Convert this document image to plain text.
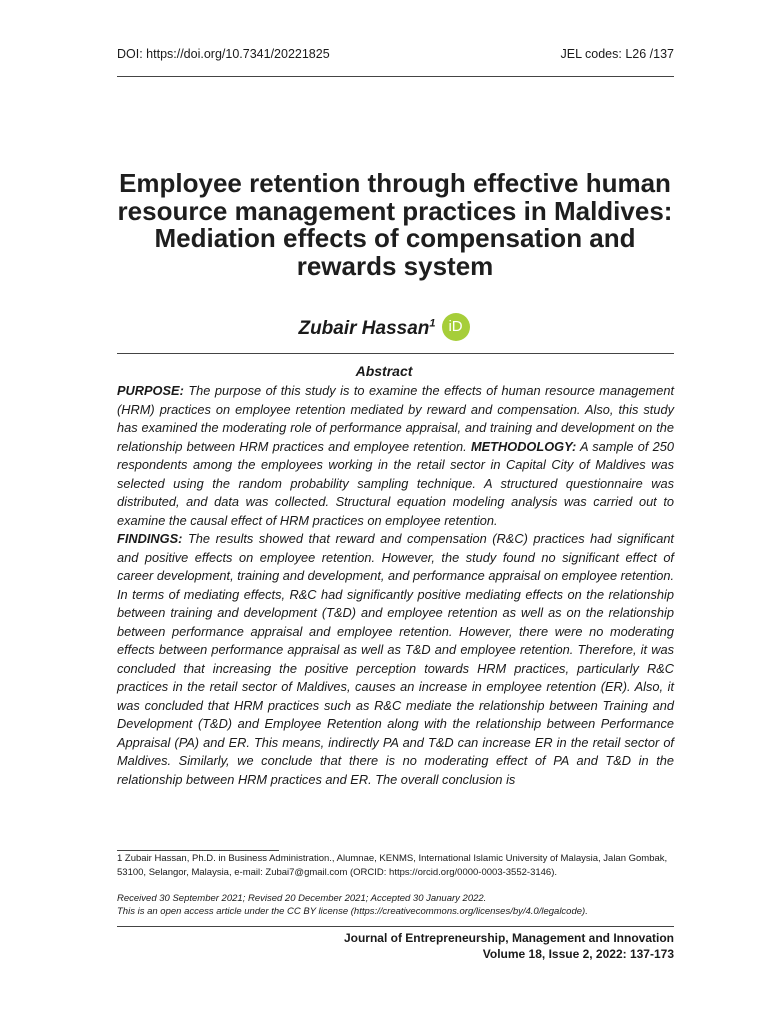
DOI: https://doi.org/10.7341/20221825	JEL codes: L26 /137
Employee retention through effective human resource management practices in Maldives: Mediation effects of compensation and rewards system
Zubair Hassan$^1$ iD
Abstract

PURPOSE: The purpose of this study is to examine the effects of human resource management (HRM) practices on employee retention mediated by reward and compensation. Also, this study has examined the moderating role of performance appraisal, and training and development on the relationship between HRM practices and employee retention. METHODOLOGY: A sample of 250 respondents among the employees working in the retail sector in Capital City of Maldives was selected using the random probability sampling technique. A structured questionnaire was distributed, and data was collected. Structural equation modeling analysis was carried out to examine the causal effect of HRM practices on employee retention.
FINDINGS: The results showed that reward and compensation (R&C) practices had significant and positive effects on employee retention. However, the study found no significant effect of career development, training and development, and performance appraisal on employee retention. In terms of mediating effects, R&C had significantly positive mediating effects on the relationship between training and development (T&D) and employee retention as well as on the relationship between performance appraisal and employee retention. However, there were no moderating effects between performance appraisal as well as T&D and employee retention. Therefore, it was concluded that increasing the positive perception towards HRM practices, particularly R&C practices in the retail sector of Maldives, causes an increase in employee retention (ER). Also, it was concluded that HRM practices such as R&C mediate the relationship between Training and Development (T&D) and Employee Retention along with the relationship between Performance Appraisal (PA) and ER. This means, indirectly PA and T&D can increase ER in the retail sector of Maldives. Similarly, we conclude that there is no moderating effect of PA and T&D in the relationship between HRM practices and ER. The overall conclusion is

1 Zubair Hassan, Ph.D. in Business Administration., Alumnae, KENMS, International Islamic University of Malaysia, Jalan Gombak, 53100, Selangor, Malaysia, e-mail: Zubai7@gmail.com (ORCID: https://orcid.org/0000-0003-3552-3146).
Received 30 September 2021; Revised 20 December 2021; Accepted 30 January 2022.
This is an open access article under the CC BY license (https://creativecommons.org/licenses/by/4.0/legalcode).
Journal of Entrepreneurship, Management and Innovation
Volume 18, Issue 2, 2022: 137-173
